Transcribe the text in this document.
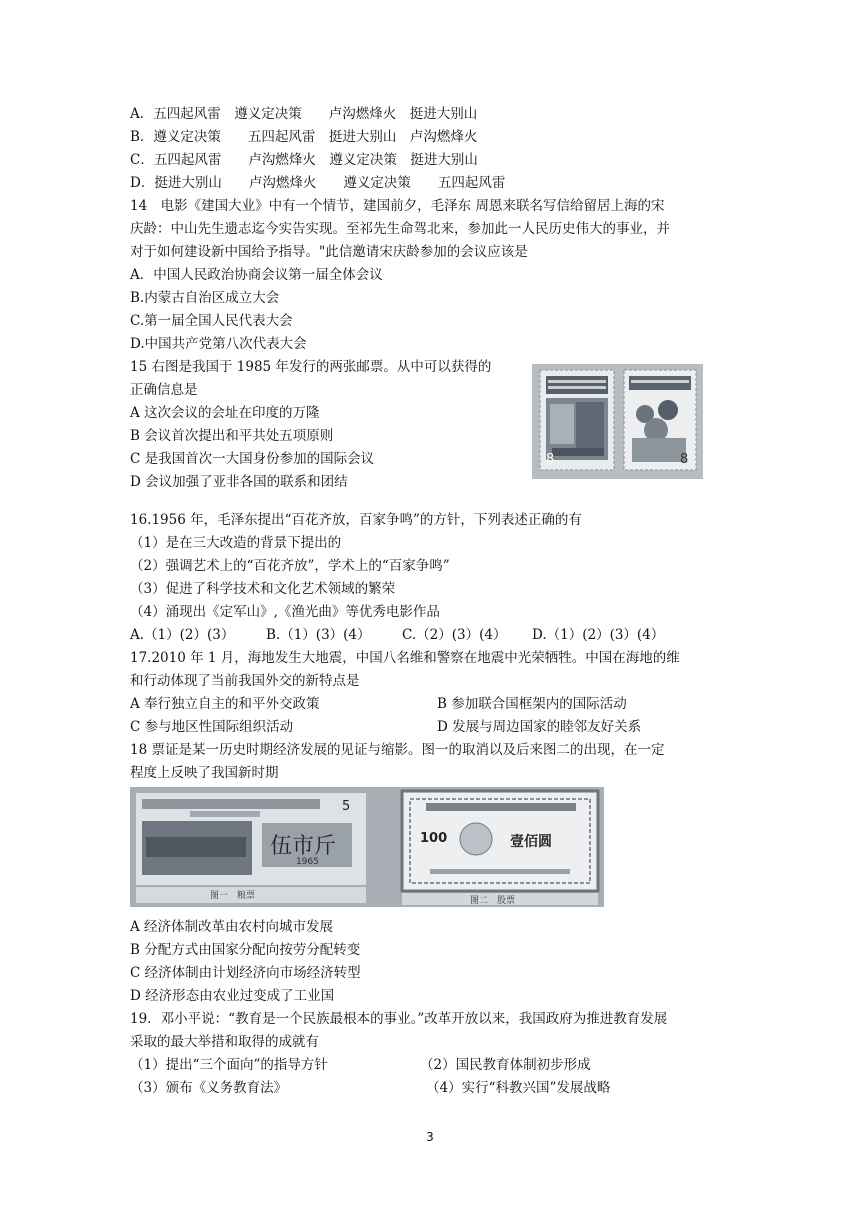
A．五四起风雷　遵义定决策　　卢沟燃烽火　挺进大别山
B．遵义定决策　　五四起风雷　挺进大别山　卢沟燃烽火
C．五四起风雷　　卢沟燃烽火　遵义定决策　挺进大别山
D．挺进大别山　　卢沟燃烽火　　遵义定决策　　五四起风雷
14　电影《建国大业》中有一个情节，建国前夕，毛泽东 周恩来联名写信给留居上海的宋
庆龄：中山先生遗志迄今实告实现。至祁先生命驾北来，参加此一人民历史伟大的事业，并
对于如何建设新中国给予指导。"此信邀请宋庆龄参加的会议应该是
A．中国人民政治协商会议第一届全体会议
B.内蒙古自治区成立大会
C.第一届全国人民代表大会
D.中国共产党第八次代表大会
15 右图是我国于 1985 年发行的两张邮票。从中可以获得的
正确信息是
A 这次会议的会址在印度的万隆
B 会议首次提出和平共处五项原则
C 是我国首次一大国身份参加的国际会议
D 会议加强了亚非各国的联系和团结
8	8
16.1956 年，毛泽东提出“百花齐放，百家争鸣”的方针，下列表述正确的有
（1）是在三大改造的背景下提出的
（2）强调艺术上的“百花齐放”，学术上的“百家争鸣”
（3）促进了科学技术和文化艺术领域的繁荣
（4）涌现出《定军山》,《渔光曲》等优秀电影作品
A.（1）(2）(3） B.（1）(3）(4） C.（2）(3）(4） D.（1）(2）(3）(4）
17.2010 年 1 月，海地发生大地震，中国八名维和警察在地震中光荣牺牲。中国在海地的维
和行动体现了当前我国外交的新特点是
A 奉行独立自主的和平外交政策	B 参加联合国框架内的国际活动
C 参与地区性国际组织活动	D 发展与周边国家的睦邻友好关系
18 票证是某一历史时期经济发展的见证与缩影。图一的取消以及后来图二的出现，在一定
程度上反映了我国新时期
5
伍市斤
1965
图一　粮票
100	壹佰圆
图二　股票
A 经济体制改革由农村向城市发展
B 分配方式由国家分配向按劳分配转变
C 经济体制由计划经济向市场经济转型
D 经济形态由农业过变成了工业国
19．邓小平说：“教育是一个民族最根本的事业。”改革开放以来，我国政府为推进教育发展
采取的最大举措和取得的成就有
（1）提出“三个面向”的指导方针	（2）国民教育体制初步形成
（3）颁布《义务教育法》	（4）实行“科教兴国”发展战略
3
